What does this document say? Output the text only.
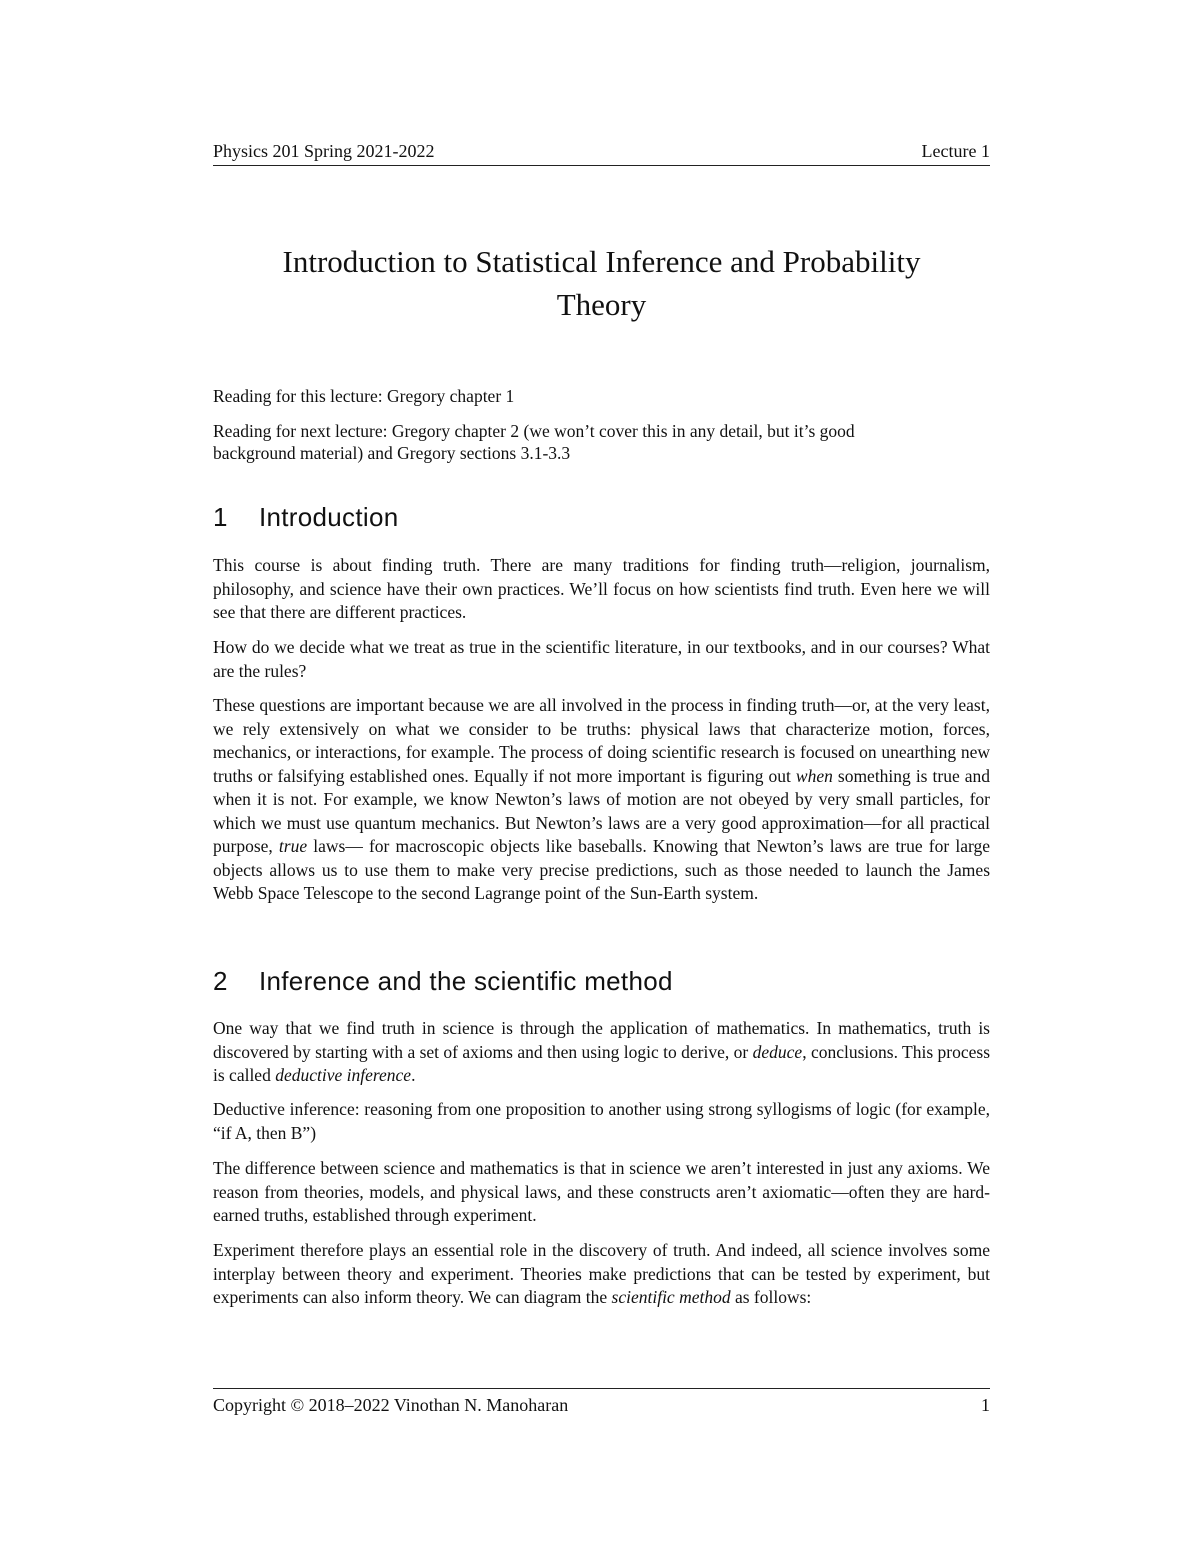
Physics 201 Spring 2021-2022	Lecture 1
Introduction to Statistical Inference and Probability
Theory

Reading for this lecture: Gregory chapter 1

Reading for next lecture: Gregory chapter 2 (we won’t cover this in any detail, but it’s good
background material) and Gregory sections 3.1-3.3

1 Introduction

This course is about finding truth. There are many traditions for finding truth—religion, journalism, philosophy, and science have their own practices. We’ll focus on how scientists find truth. Even here we will see that there are different practices.

How do we decide what we treat as true in the scientific literature, in our textbooks, and in our courses? What are the rules?

These questions are important because we are all involved in the process in finding truth—or, at the very least, we rely extensively on what we consider to be truths: physical laws that characterize motion, forces, mechanics, or interactions, for example. The process of doing scientific research is focused on unearthing new truths or falsifying established ones. Equally if not more important is figuring out when something is true and when it is not. For example, we know Newton’s laws of motion are not obeyed by very small particles, for which we must use quantum mechanics. But Newton’s laws are a very good approximation—for all practical purpose, true laws— for macroscopic objects like baseballs. Knowing that Newton’s laws are true for large objects allows us to use them to make very precise predictions, such as those needed to launch the James Webb Space Telescope to the second Lagrange point of the Sun-Earth system.

2 Inference and the scientific method

One way that we find truth in science is through the application of mathematics. In mathematics, truth is discovered by starting with a set of axioms and then using logic to derive, or deduce, conclusions. This process is called deductive inference.

Deductive inference: reasoning from one proposition to another using strong syllogisms of logic (for example, “if A, then B”)

The difference between science and mathematics is that in science we aren’t interested in just any axioms. We reason from theories, models, and physical laws, and these constructs aren’t axiomatic—often they are hard-earned truths, established through experiment.

Experiment therefore plays an essential role in the discovery of truth. And indeed, all science involves some interplay between theory and experiment. Theories make predictions that can be tested by experiment, but experiments can also inform theory. We can diagram the scientific method as follows:

Copyright © 2018–2022 Vinothan N. Manoharan	1
